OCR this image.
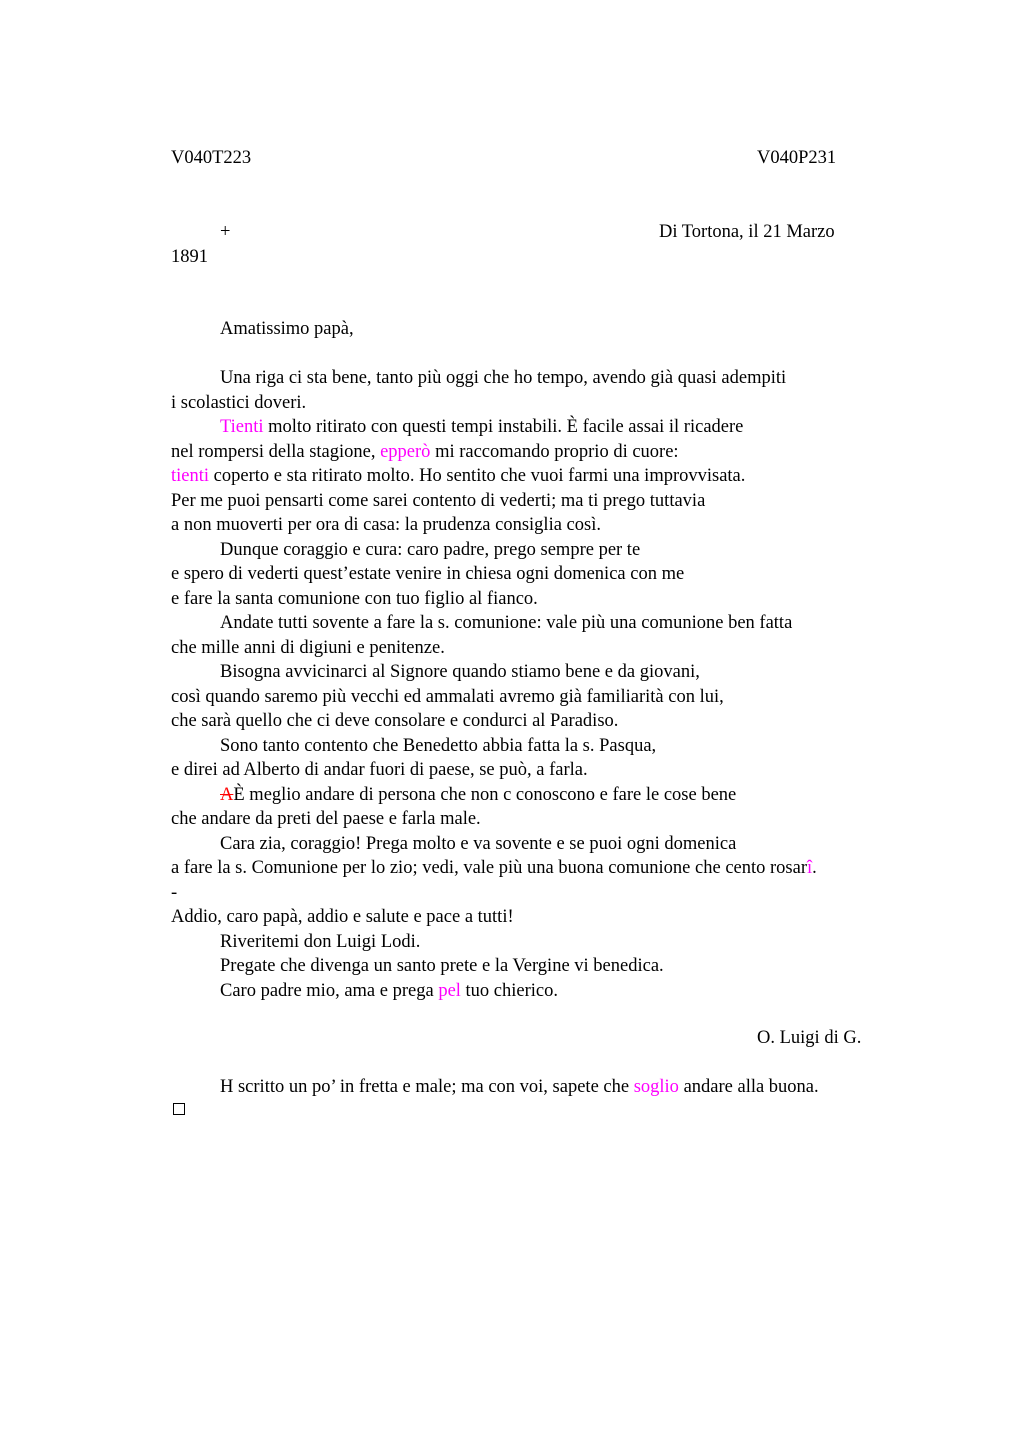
V040T223	V040P231
+	Di Tortona, il 21 Marzo
1891
Amatissimo papà,
Una riga ci sta bene, tanto più oggi che ho tempo, avendo già quasi adempiti
i scolastici doveri.
Tienti molto ritirato con questi tempi instabili. È facile assai il ricadere
nel rompersi della stagione, epperò mi raccomando proprio di cuore:
tienti coperto e sta ritirato molto. Ho sentito che vuoi farmi una improvvisata.
Per me puoi pensarti come sarei contento di vederti; ma ti prego tuttavia
a non muoverti per ora di casa: la prudenza consiglia così.
Dunque coraggio e cura: caro padre, prego sempre per te
e spero di vederti quest’estate venire in chiesa ogni domenica con me
e fare la santa comunione con tuo figlio al fianco.
Andate tutti sovente a fare la s. comunione: vale più una comunione ben fatta
che mille anni di digiuni e penitenze.
Bisogna avvicinarci al Signore quando stiamo bene e da giovani,
così quando saremo più vecchi ed ammalati avremo già familiarità con lui,
che sarà quello che ci deve consolare e condurci al Paradiso.
Sono tanto contento che Benedetto abbia fatta la s. Pasqua,
e direi ad Alberto di andar fuori di paese, se può, a farla.
AÈ meglio andare di persona che non c conoscono e fare le cose bene
che andare da preti del paese e farla male.
Cara zia, coraggio! Prega molto e va sovente e se puoi ogni domenica
a fare la s. Comunione per lo zio; vedi, vale più una buona comunione che cento rosarî.
-
Addio, caro papà, addio e salute e pace a tutti!
Riveritemi don Luigi Lodi.
Pregate che divenga un santo prete e la Vergine vi benedica.
Caro padre mio, ama e prega pel tuo chierico.
O. Luigi di G.
H scritto un po’ in fretta e male; ma con voi, sapete che soglio andare alla buona.
